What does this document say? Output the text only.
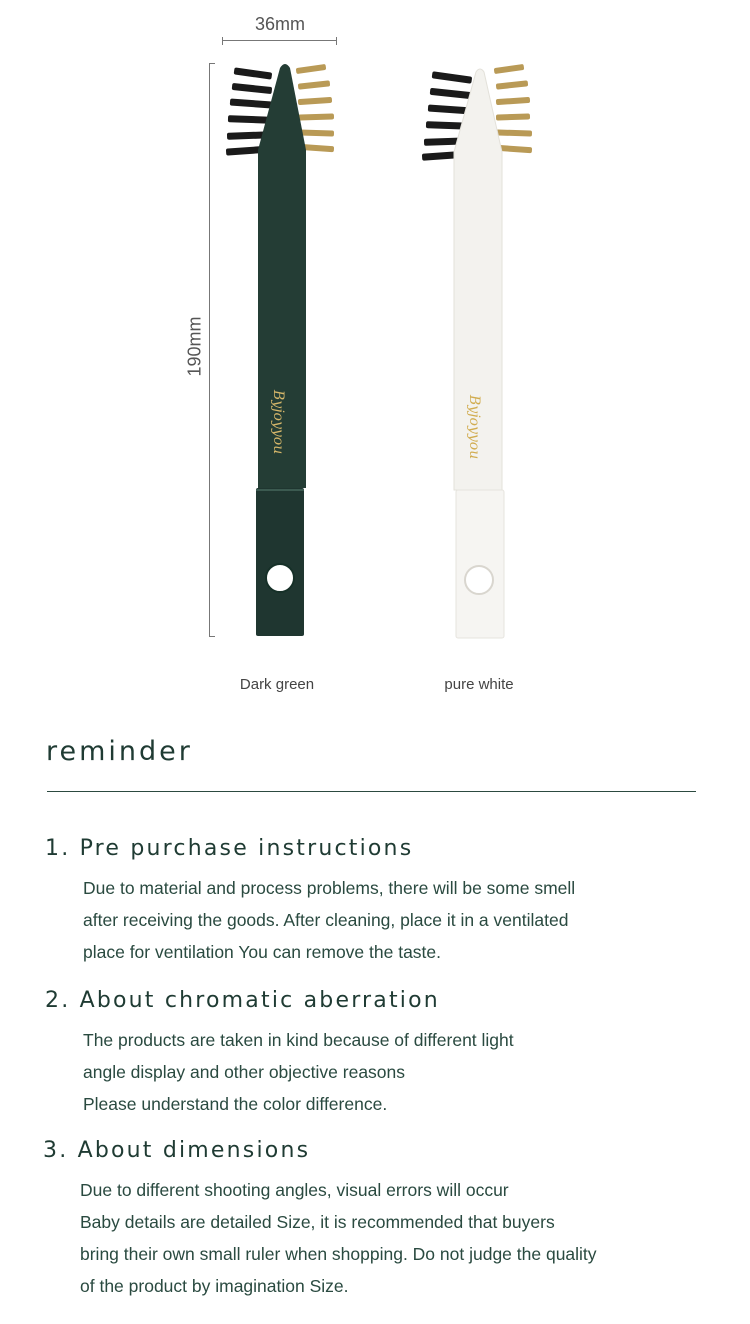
36mm
190mm
Byjoyyou	Byjoyyou
Dark green	pure white
reminder
1. Pre purchase instructions
Due to material and process problems, there will be some smell
after receiving the goods. After cleaning, place it in a ventilated
place for ventilation You can remove the taste.
2. About chromatic aberration
The products are taken in kind because of different light
angle display and other objective reasons
Please understand the color difference.
3. About dimensions
Due to different shooting angles, visual errors will occur
Baby details are detailed Size, it is recommended that buyers
bring their own small ruler when shopping. Do not judge the quality
of the product by imagination Size.
